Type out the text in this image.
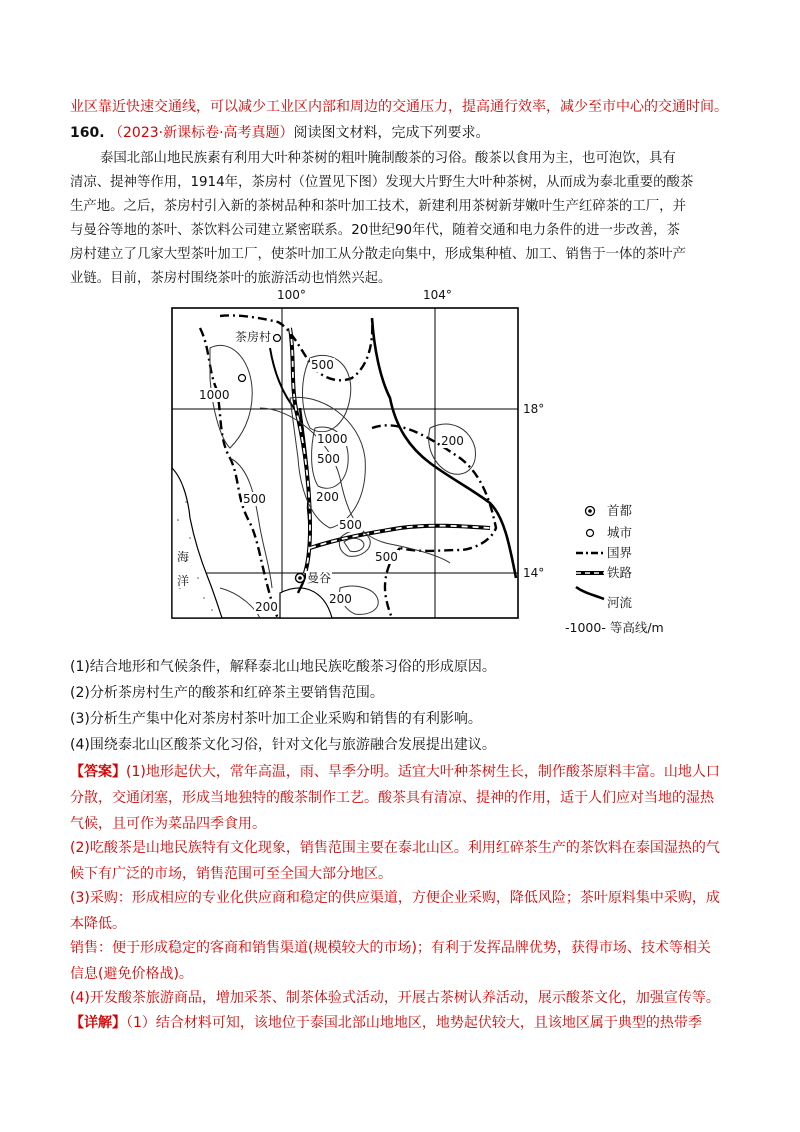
业区靠近快速交通线，可以减少工业区内部和周边的交通压力，提高通行效率，减少至市中心的交通时间。
160. （2023·新课标卷·高考真题）阅读图文材料，完成下列要求。
泰国北部山地民族素有利用大叶种茶树的粗叶腌制酸茶的习俗。酸茶以食用为主，也可泡饮，具有
清凉、提神等作用，1914年，茶房村（位置见下图）发现大片野生大叶种茶树，从而成为泰北重要的酸茶
生产地。之后，茶房村引入新的茶树品种和茶叶加工技术，新建利用茶树新芽嫩叶生产红碎茶的工厂，并
与曼谷等地的茶叶、茶饮料公司建立紧密联系。20世纪90年代，随着交通和电力条件的进一步改善，茶
房村建立了几家大型茶叶加工厂，使茶叶加工从分散走向集中，形成集种植、加工、销售于一体的茶叶产
业链。目前，茶房村围绕茶叶的旅游活动也悄然兴起。
100°	104°
18°
14°
茶房村
曼谷
海
洋
500
1000
1000
500
200
500
500
200
500
200
200
首都
城市
国界
铁路
河流
-1000- 等高线/m
(1)结合地形和气候条件，解释泰北山地民族吃酸茶习俗的形成原因。
(2)分析茶房村生产的酸茶和红碎茶主要销售范围。
(3)分析生产集中化对茶房村茶叶加工企业采购和销售的有利影响。
(4)围绕泰北山区酸茶文化习俗，针对文化与旅游融合发展提出建议。
【答案】(1)地形起伏大，常年高温，雨、旱季分明。适宜大叶种茶树生长，制作酸茶原料丰富。山地人口
分散，交通闭塞，形成当地独特的酸茶制作工艺。酸茶具有清凉、提神的作用，适于人们应对当地的湿热
气候，且可作为菜品四季食用。
(2)吃酸茶是山地民族特有文化现象，销售范围主要在泰北山区。利用红碎茶生产的茶饮料在泰国湿热的气
候下有广泛的市场，销售范围可至全国大部分地区。
(3)采购：形成相应的专业化供应商和稳定的供应渠道，方便企业采购，降低风险；茶叶原料集中采购，成
本降低。
销售：便于形成稳定的客商和销售渠道(规模较大的市场)；有利于发挥品牌优势，获得市场、技术等相关
信息(避免价格战)。
(4)开发酸茶旅游商品，增加采茶、制茶体验式活动，开展古茶树认养活动，展示酸茶文化，加强宣传等。
【详解】（1）结合材料可知，该地位于泰国北部山地地区，地势起伏较大，且该地区属于典型的热带季
